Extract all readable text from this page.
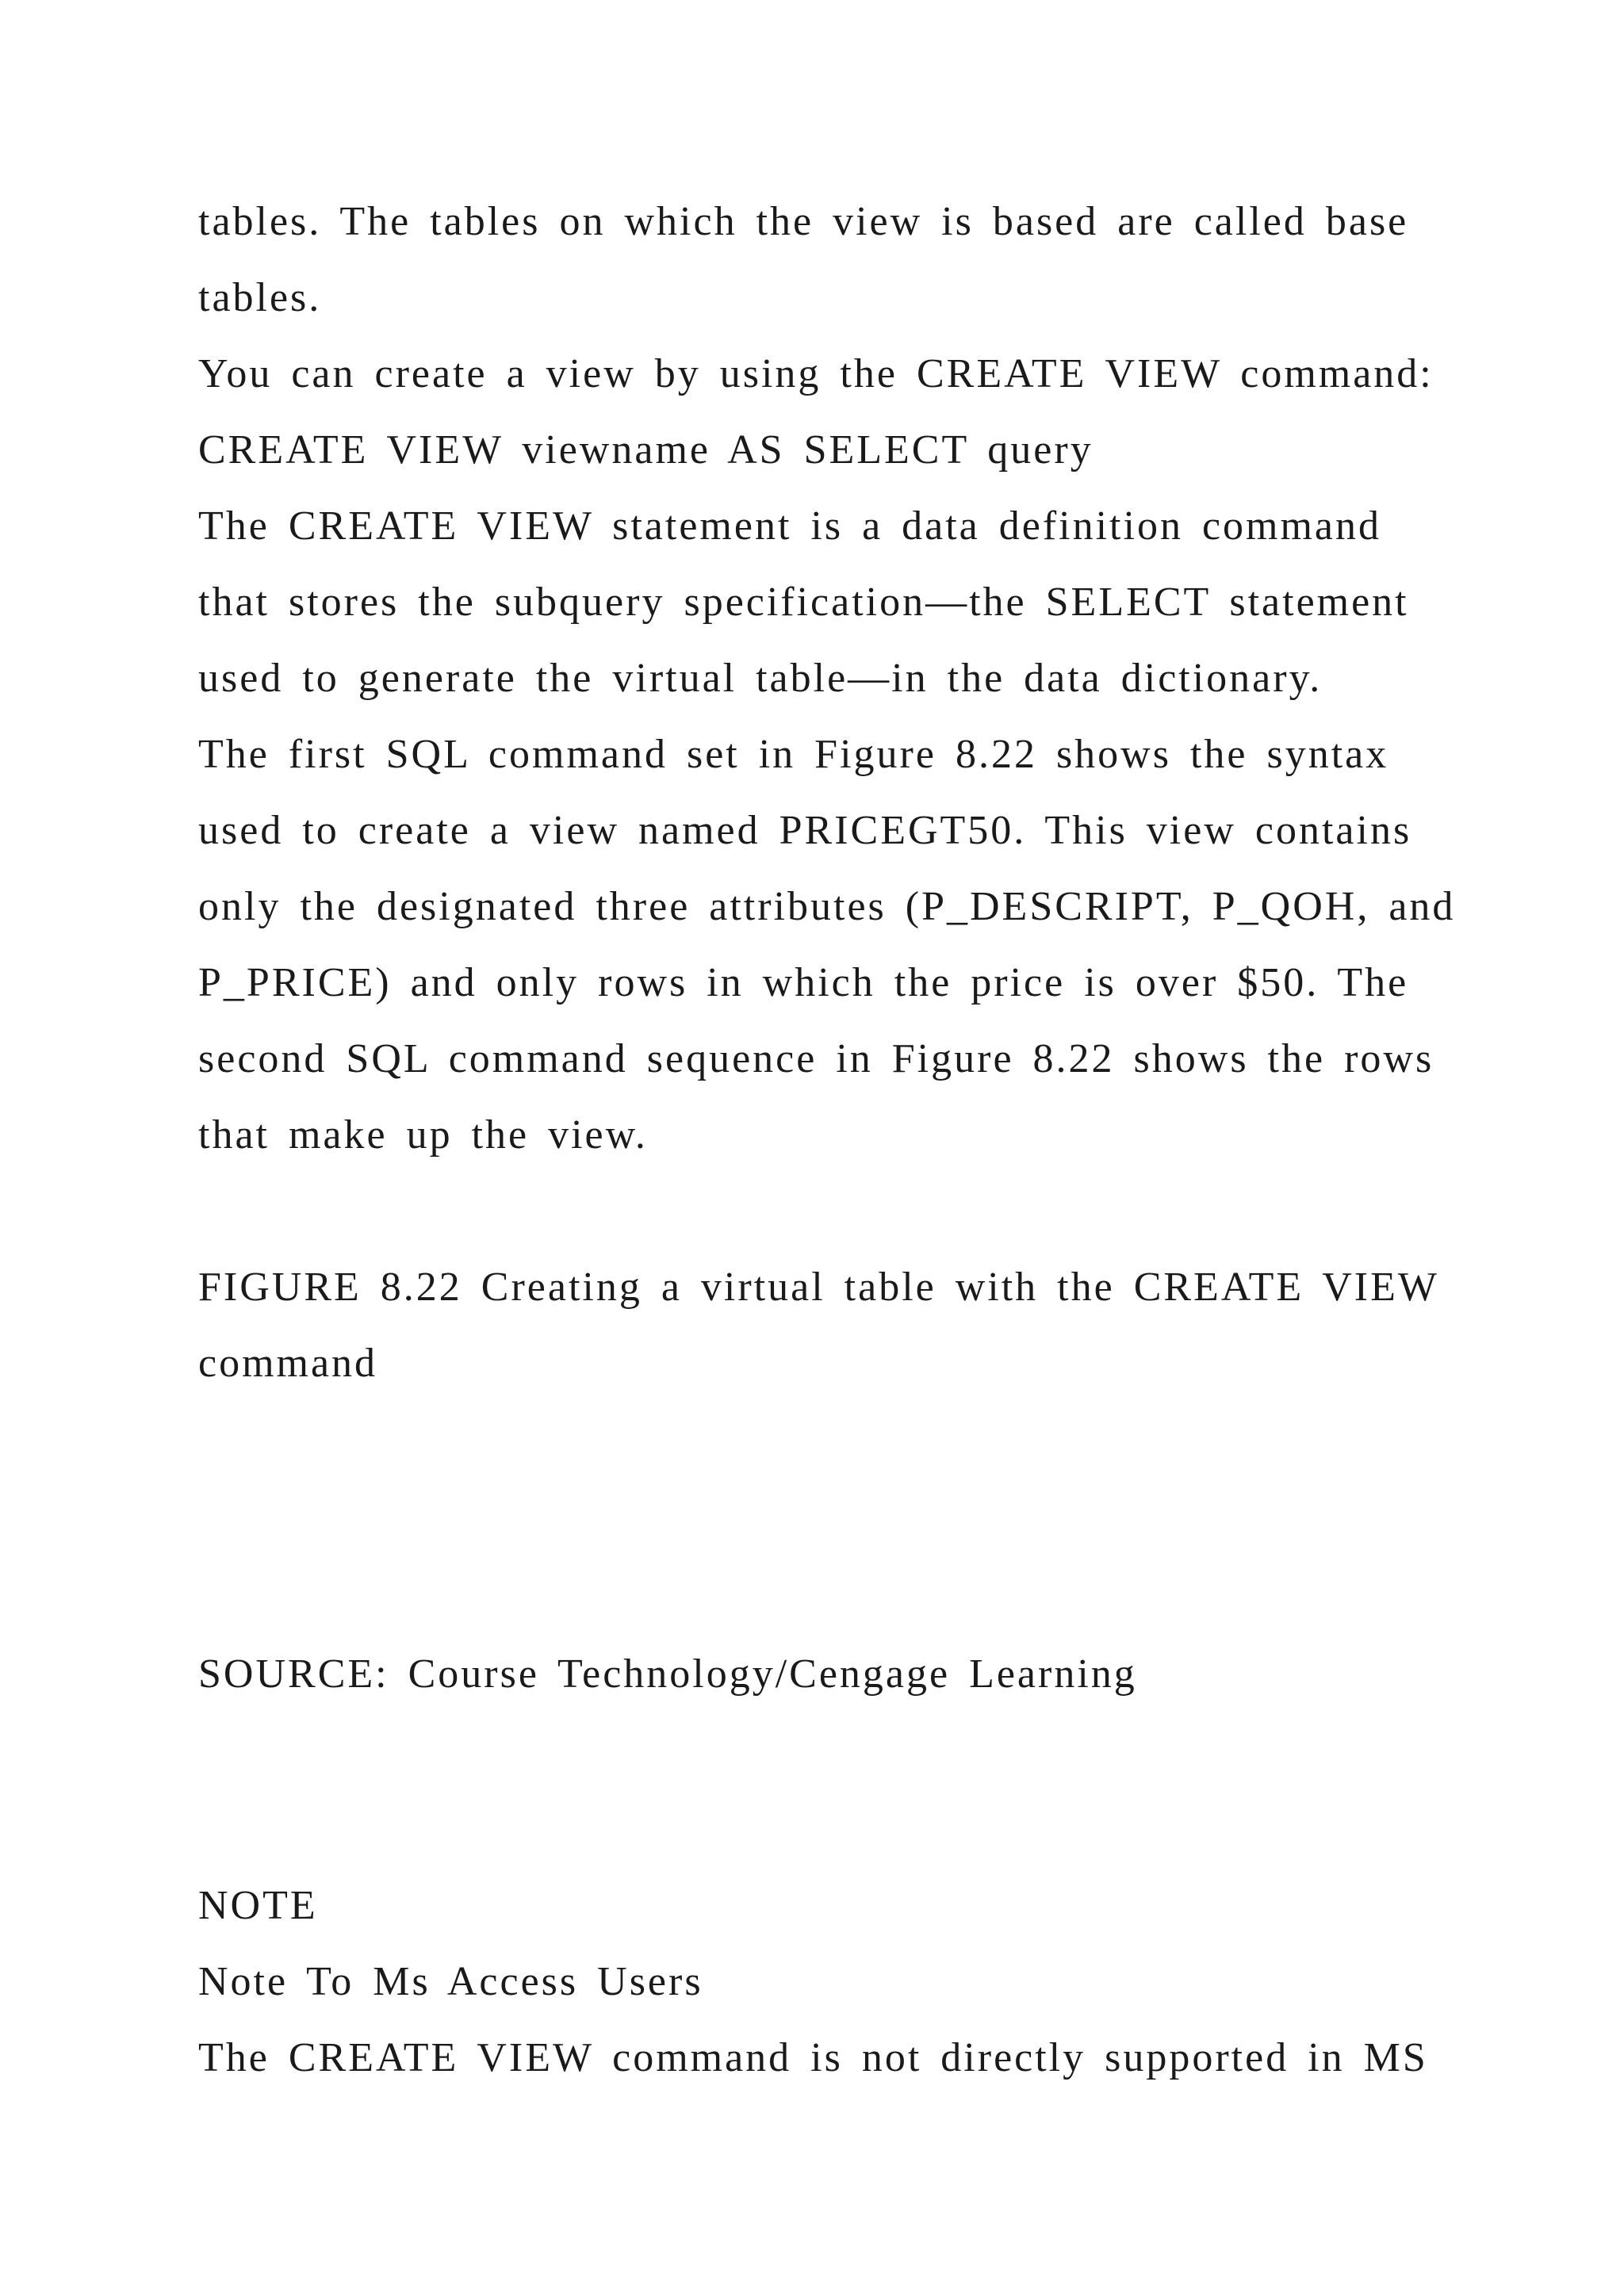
tables. The tables on which the view is based are called base

tables.

You can create a view by using the CREATE VIEW command:

CREATE VIEW viewname AS SELECT query

The CREATE VIEW statement is a data definition command

that stores the subquery specification—the SELECT statement

used to generate the virtual table—in the data dictionary.

The first SQL command set in Figure 8.22 shows the syntax

used to create a view named PRICEGT50. This view contains

only the designated three attributes (P_DESCRIPT, P_QOH, and

P_PRICE) and only rows in which the price is over $50. The

second SQL command sequence in Figure 8.22 shows the rows

that make up the view.

FIGURE 8.22 Creating a virtual table with the CREATE VIEW

command

SOURCE: Course Technology/Cengage Learning

NOTE

Note To Ms Access Users

The CREATE VIEW command is not directly supported in MS
